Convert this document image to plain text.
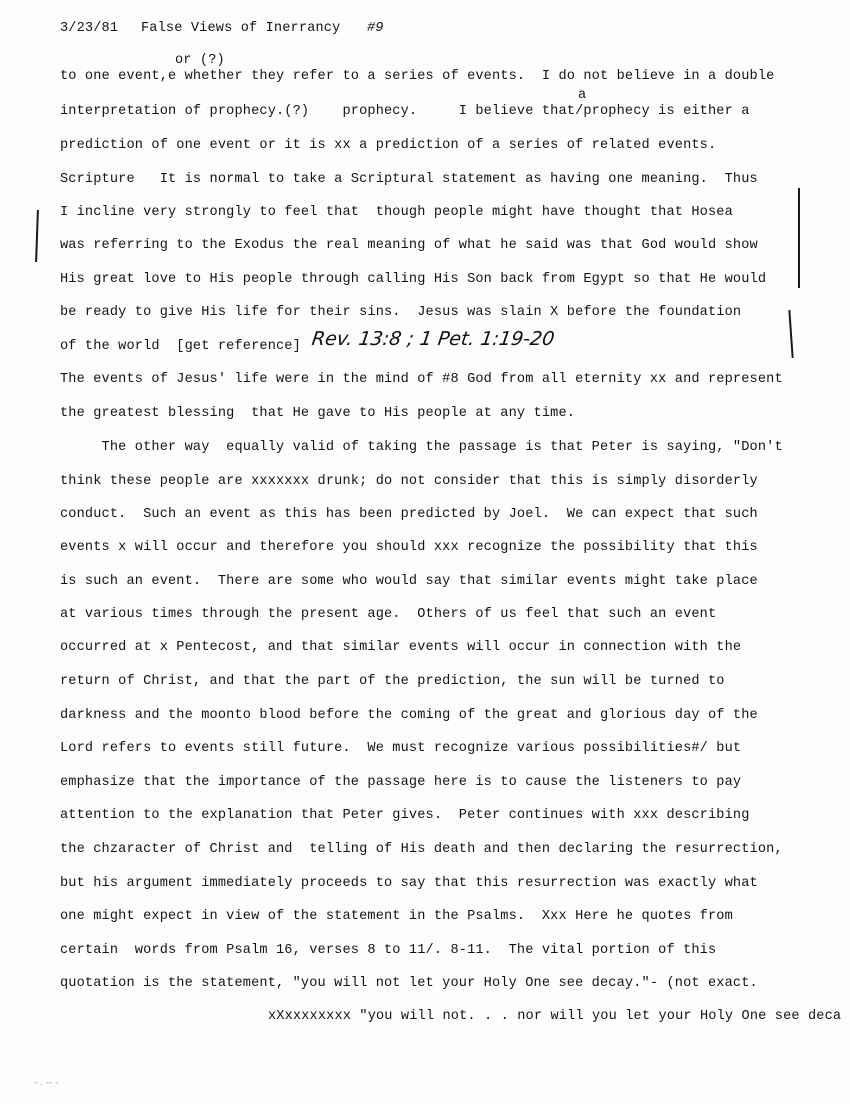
3/23/81 False Views of Inerrancy #9
or (?)
a
to one event,e whether they refer to a series of events.  I do not believe in a double
interpretation of prophecy.(?)    prophecy.     I believe that/prophecy is either a
prediction of one event or it is xx a prediction of a series of related events.
Scripture   It is normal to take a Scriptural statement as having one meaning.  Thus
I incline very strongly to feel that  though people might have thought that Hosea
was referring to the Exodus the real meaning of what he said was that God would show
His great love to His people through calling His Son back from Egypt so that He would
be ready to give His life for their sins.  Jesus was slain X before the foundation
of the world  [get reference] Rev. 13:8 ; 1 Pet. 1:19-20
The events of Jesus' life were in the mind of #8 God from all eternity xx and represent
the greatest blessing  that He gave to His people at any time.
The other way  equally valid of taking the passage is that Peter is saying, "Don't
think these people are xxxxxxx drunk; do not consider that this is simply disorderly
conduct.  Such an event as this has been predicted by Joel.  We can expect that such
events x will occur and therefore you should xxx recognize the possibility that this
is such an event.  There are some who would say that similar events might take place
at various times through the present age.  Others of us feel that such an event
occurred at x Pentecost, and that similar events will occur in connection with the
return of Christ, and that the part of the prediction, the sun will be turned to
darkness and the moonto blood before the coming of the great and glorious day of the
Lord refers to events still future.  We must recognize various possibilities#/ but
emphasize that the importance of the passage here is to cause the listeners to pay
attention to the explanation that Peter gives.  Peter continues with xxx describing
the chzaracter of Christ and  telling of His death and then declaring the resurrection,
but his argument immediately proceeds to say that this resurrection was exactly what
one might expect in view of the statement in the Psalms.  Xxx Here he quotes from
certain  words from Psalm 16, verses 8 to 11/. 8-11.  The vital portion of this
quotation is the statement, "you will not let your Holy One see decay."- (not exact.
xXxxxxxxxx "you will not. . . nor will you let your Holy One see deca
- . -- -
